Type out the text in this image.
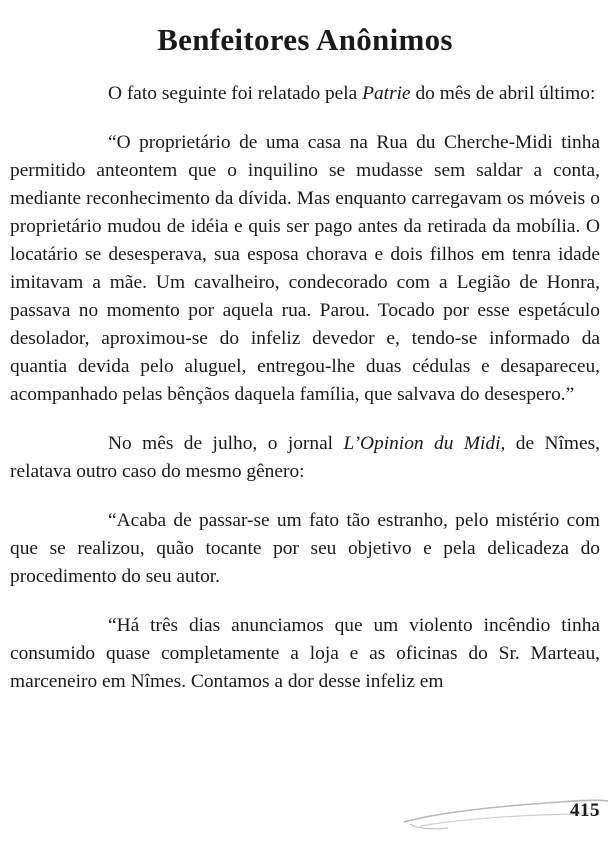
Benfeitores Anônimos

O fato seguinte foi relatado pela Patrie do mês de abril último:

“O proprietário de uma casa na Rua du Cherche-Midi tinha permitido anteontem que o inquilino se mudasse sem saldar a conta, mediante reconhecimento da dívida. Mas enquanto carregavam os móveis o proprietário mudou de idéia e quis ser pago antes da retirada da mobília. O locatário se desesperava, sua esposa chorava e dois filhos em tenra idade imitavam a mãe. Um cavalheiro, condecorado com a Legião de Honra, passava no momento por aquela rua. Parou. Tocado por esse espetáculo desolador, aproximou-se do infeliz devedor e, tendo-se informado da quantia devida pelo aluguel, entregou-lhe duas cédulas e desapareceu, acompanhado pelas bênçãos daquela família, que salvava do desespero.”

No mês de julho, o jornal L’Opinion du Midi, de Nîmes, relatava outro caso do mesmo gênero:

“Acaba de passar-se um fato tão estranho, pelo mistério com que se realizou, quão tocante por seu objetivo e pela delicadeza do procedimento do seu autor.

“Há três dias anunciamos que um violento incêndio tinha consumido quase completamente a loja e as oficinas do Sr. Marteau, marceneiro em Nîmes. Contamos a dor desse infeliz em

415
